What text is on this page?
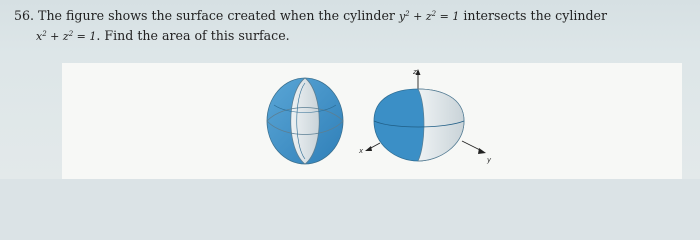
56. The figure shows the surface created when the cylinder $y^2 + z^2 = 1$ intersects the cylinder
$x^2 + z^2 = 1$. Find the area of this surface.
z
x
y
